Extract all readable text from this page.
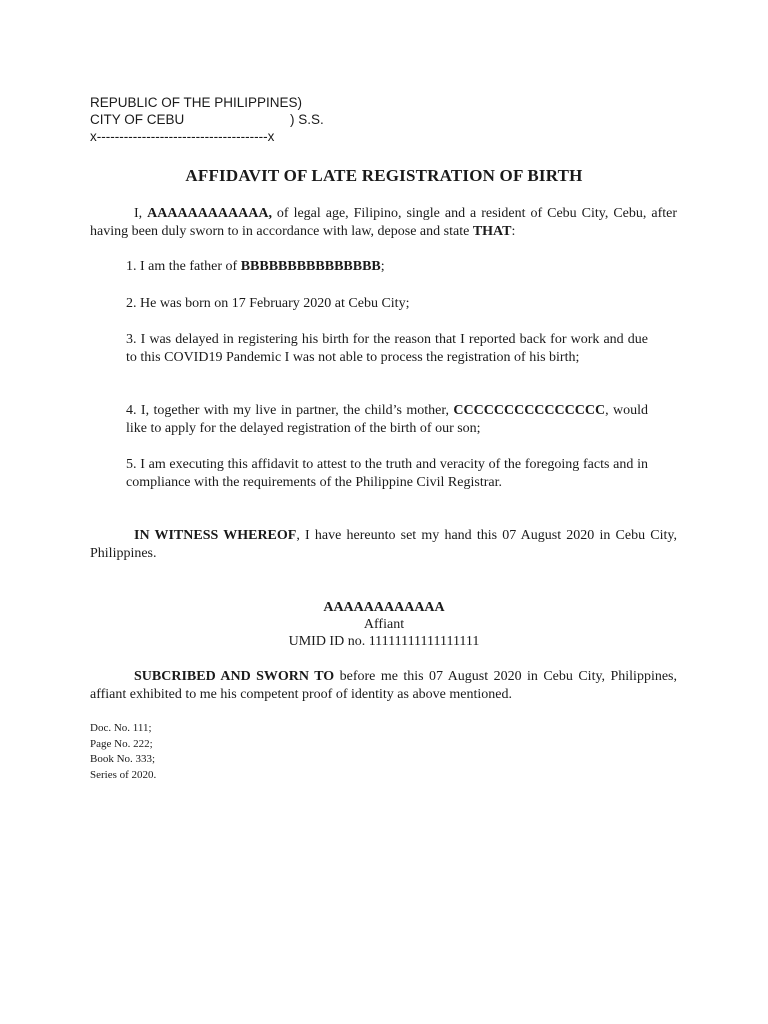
REPUBLIC OF THE PHILIPPINES)
CITY OF CEBU	) S.S.
x--------------------------------------x
AFFIDAVIT OF LATE REGISTRATION OF BIRTH
I, AAAAAAAAAAAA, of legal age, Filipino, single and a resident of Cebu City, Cebu, after having been duly sworn to in accordance with law, depose and state THAT:
1. I am the father of BBBBBBBBBBBBBBB;
2. He was born on 17 February 2020 at Cebu City;
3. I was delayed in registering his birth for the reason that I reported back for work and due to this COVID19 Pandemic I was not able to process the registration of his birth;
4. I, together with my live in partner, the child’s mother, CCCCCCCCCCCCCCC, would like to apply for the delayed registration of the birth of our son;
5. I am executing this affidavit to attest to the truth and veracity of the foregoing facts and in compliance with the requirements of the Philippine Civil Registrar.
IN WITNESS WHEREOF, I have hereunto set my hand this 07 August 2020 in Cebu City, Philippines.
AAAAAAAAAAAA
Affiant
UMID ID no. 11111111111111111
SUBCRIBED AND SWORN TO before me this 07 August 2020 in Cebu City, Philippines, affiant exhibited to me his competent proof of identity as above mentioned.
Doc. No. 111;
Page No. 222;
Book No. 333;
Series of 2020.
